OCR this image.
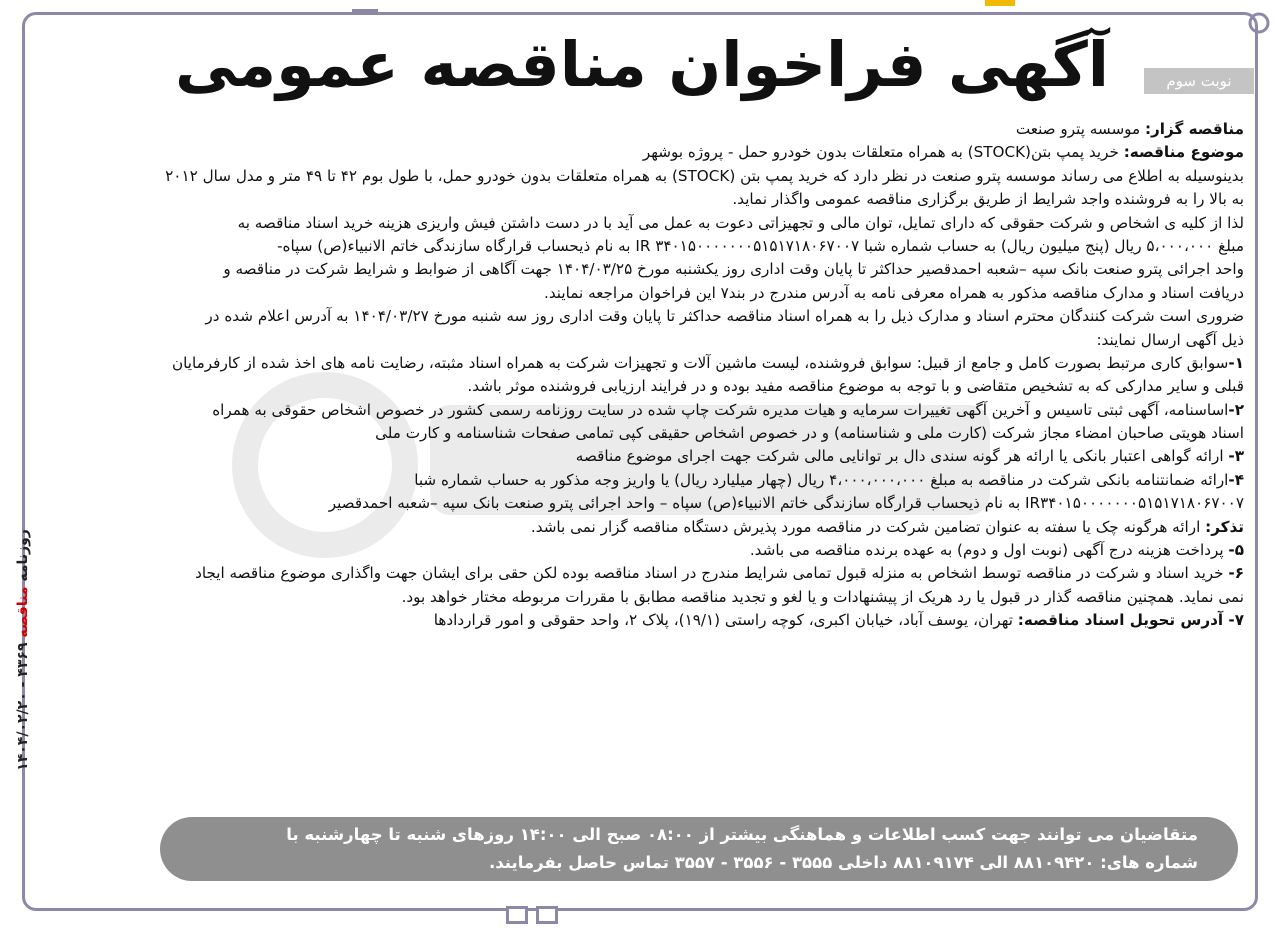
آگهی فراخوان مناقصه عمومی	نوبت سوم
مناقصه گزار: موسسه پترو صنعت
موضوع مناقصه: خرید پمپ بتن(STOCK) به همراه متعلقات بدون خودرو حمل - پروژه بوشهر
بدینوسیله به اطلاع می رساند موسسه پترو صنعت در نظر دارد که خرید پمپ بتن (STOCK) به همراه متعلقات بدون خودرو حمل، با طول بوم ۴۲ تا ۴۹ متر و مدل سال ۲۰۱۲
به بالا را به فروشنده واجد شرایط از طریق برگزاری مناقصه عمومی واگذار نماید.
لذا از کلیه ی اشخاص و شرکت حقوقی که دارای تمایل، توان مالی و تجهیزاتی دعوت به عمل می آید با در دست داشتن فیش واریزی هزینه خرید اسناد مناقصه به
مبلغ ۵،۰۰۰،۰۰۰ ریال (پنج میلیون ریال) به حساب شماره شبا IR ۳۴۰۱۵۰۰۰۰۰۰۰۵۱۵۱۷۱۸۰۶۷۰۰۷ به نام ذیحساب قرارگاه سازندگی خاتم الانبیاء(ص) سپاه-
واحد اجرائی پترو صنعت بانک سپه –شعبه احمدقصیر حداکثر تا پایان وقت اداری روز یکشنبه مورخ ۱۴۰۴/۰۳/۲۵ جهت آگاهی از ضوابط و شرایط شرکت در مناقصه و
دریافت اسناد و مدارک مناقصه مذکور به همراه معرفی نامه به آدرس مندرج در بند۷ این فراخوان مراجعه نمایند.
ضروری است شرکت کنندگان محترم اسناد و مدارک ذیل را به همراه اسناد مناقصه حداکثر تا پایان وقت اداری روز سه شنبه مورخ ۱۴۰۴/۰۳/۲۷ به آدرس اعلام شده در
ذیل آگهی ارسال نمایند:
۱-سوابق کاری مرتبط بصورت کامل و جامع از قبیل: سوابق فروشنده، لیست ماشین آلات و تجهیزات شرکت به همراه اسناد مثبته، رضایت نامه های اخذ شده از کارفرمایان
قبلی و سایر مدارکی که به تشخیص متقاضی و با توجه به موضوع مناقصه مفید بوده و در فرایند ارزیابی فروشنده موثر باشد.
۲-اساسنامه، آگهی ثبتی تاسیس و آخرین آگهی تغییرات سرمایه و هیات مدیره شرکت چاپ شده در سایت روزنامه رسمی کشور در خصوص اشخاص حقوقی به همراه
اسناد هویتی صاحبان امضاء مجاز شرکت (کارت ملی و شناسنامه) و در خصوص اشخاص حقیقی کپی تمامی صفحات شناسنامه و کارت ملی
۳- ارائه گواهی اعتبار بانکی یا ارائه هر گونه سندی دال بر توانایی مالی شرکت جهت اجرای موضوع مناقصه
۴-ارائه ضمانتنامه بانکی شرکت در مناقصه به مبلغ ۴،۰۰۰،۰۰۰،۰۰۰ ریال (چهار میلیارد ریال) یا واریز وجه مذکور به حساب شماره شبا
IR۳۴۰۱۵۰۰۰۰۰۰۰۵۱۵۱۷۱۸۰۶۷۰۰۷ به نام ذیحساب قرارگاه سازندگی خاتم الانبیاء(ص) سپاه – واحد اجرائی پترو صنعت بانک سپه –شعبه احمدقصیر
تذکر: ارائه هرگونه چک یا سفته به عنوان تضامین شرکت در مناقصه مورد پذیرش دستگاه مناقصه گزار نمی باشد.
۵- پرداخت هزینه درج آگهی (نوبت اول و دوم) به عهده برنده مناقصه می باشد.
۶- خرید اسناد و شرکت در مناقصه توسط اشخاص به منزله قبول تمامی شرایط مندرج در اسناد مناقصه بوده لکن حقی برای ایشان جهت واگذاری موضوع مناقصه ایجاد
نمی نماید. همچنین مناقصه گذار در قبول یا رد هریک از پیشنهادات و یا لغو و تجدید مناقصه مطابق با مقررات مربوطه مختار خواهد بود.
۷- آدرس تحویل اسناد مناقصه: تهران، یوسف آباد، خیابان اکبری، کوچه راستی (۱۹/۱)، پلاک ۲، واحد حقوقی و امور قراردادها
روزنامه مناقصه ۴۳۶۹ - ۱۴۰۴/۰۲/۲۰
متقاضیان می توانند جهت کسب اطلاعات و هماهنگی بیشتر از ۰۸:۰۰ صبح الی ۱۴:۰۰ روزهای شنبه تا چهارشنبه با
شماره های: ۸۸۱۰۹۴۲۰ الی ۸۸۱۰۹۱۷۴ داخلی ۳۵۵۵ - ۳۵۵۶ - ۳۵۵۷ تماس حاصل بفرمایند.
